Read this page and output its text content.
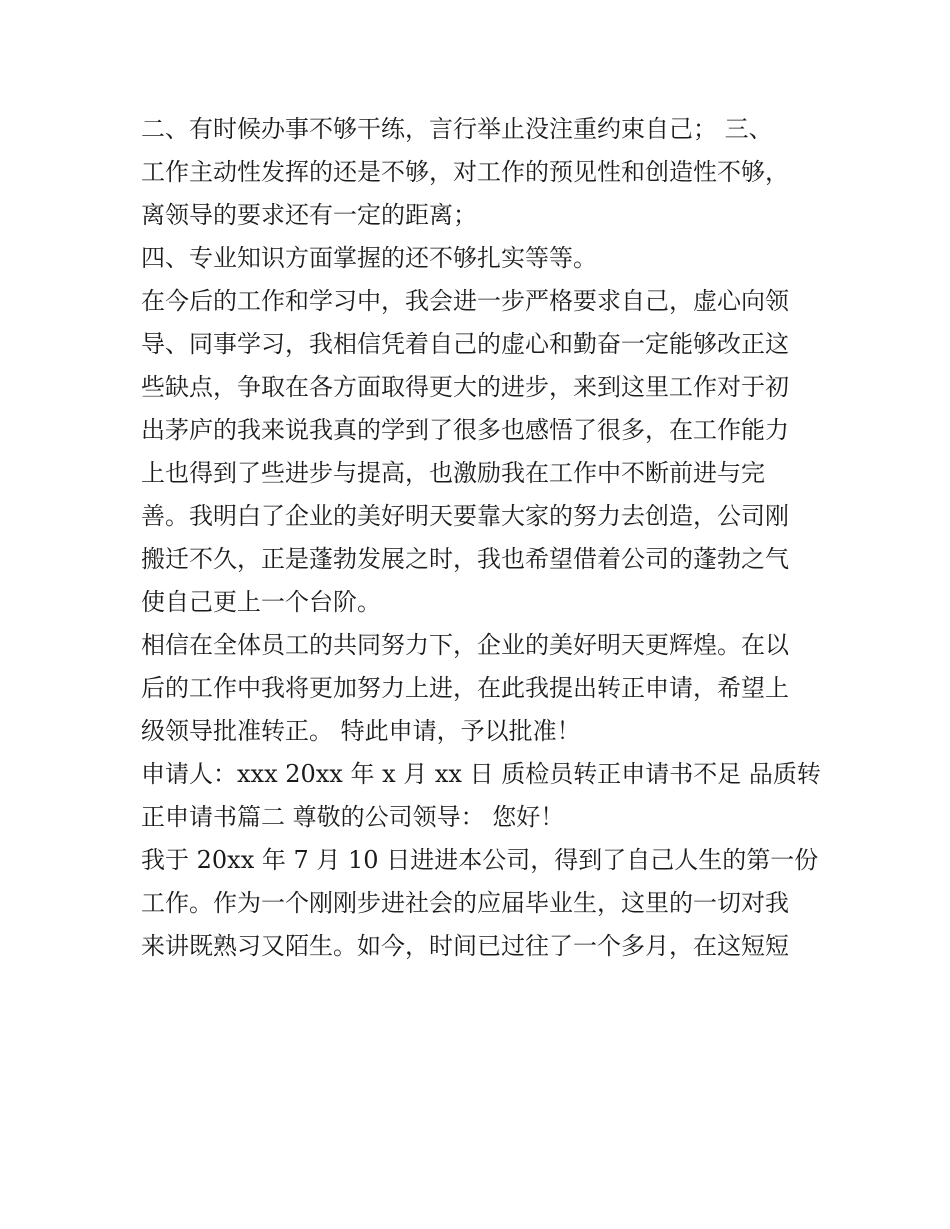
二、有时候办事不够干练，言行举止没注重约束自己； 三、
工作主动性发挥的还是不够，对工作的预见性和创造性不够，
离领导的要求还有一定的距离；
四、专业知识方面掌握的还不够扎实等等。
在今后的工作和学习中，我会进一步严格要求自己，虚心向领
导、同事学习，我相信凭着自己的虚心和勤奋一定能够改正这
些缺点，争取在各方面取得更大的进步，来到这里工作对于初
出茅庐的我来说我真的学到了很多也感悟了很多，在工作能力
上也得到了些进步与提高，也激励我在工作中不断前进与完
善。我明白了企业的美好明天要靠大家的努力去创造，公司刚
搬迁不久，正是蓬勃发展之时，我也希望借着公司的蓬勃之气
使自己更上一个台阶。
相信在全体员工的共同努力下，企业的美好明天更辉煌。在以
后的工作中我将更加努力上进，在此我提出转正申请，希望上
级领导批准转正。 特此申请，予以批准！
申请人：xxx 20xx 年 x 月 xx 日 质检员转正申请书不足 品质转
正申请书篇二 尊敬的公司领导： 您好！
我于 20xx 年 7 月 10 日进进本公司，得到了自己人生的第一份
工作。作为一个刚刚步进社会的应届毕业生，这里的一切对我
来讲既熟习又陌生。如今，时间已过往了一个多月，在这短短
